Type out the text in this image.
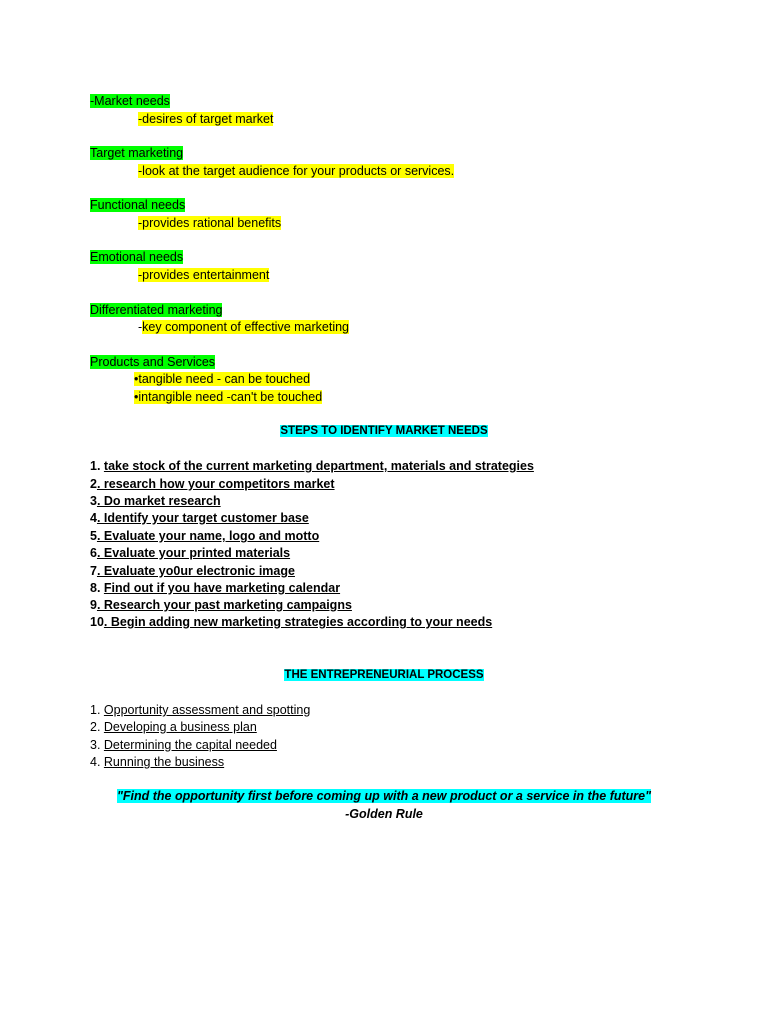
-Market needs
-desires of target market
Target marketing
-look at the target audience for your products or services.
Functional needs
-provides rational benefits
Emotional needs
-provides entertainment
Differentiated marketing
-key component of effective marketing
Products and Services
•tangible need - can be touched
•intangible need -can't be touched
STEPS TO IDENTIFY MARKET NEEDS
1. take stock of the current marketing department, materials and strategies
2. research how your competitors market
3. Do market research
4. Identify your target customer base
5. Evaluate your name, logo and motto
6. Evaluate your printed materials
7. Evaluate yo0ur electronic image
8. Find out if you have marketing calendar
9. Research your past marketing campaigns
10. Begin adding new marketing strategies according to your needs
THE ENTREPRENEURIAL PROCESS
1. Opportunity assessment and spotting
2. Developing a business plan
3. Determining the capital needed
4. Running the business
"Find the opportunity first before coming up with a new product or a service in the future"
-Golden Rule
